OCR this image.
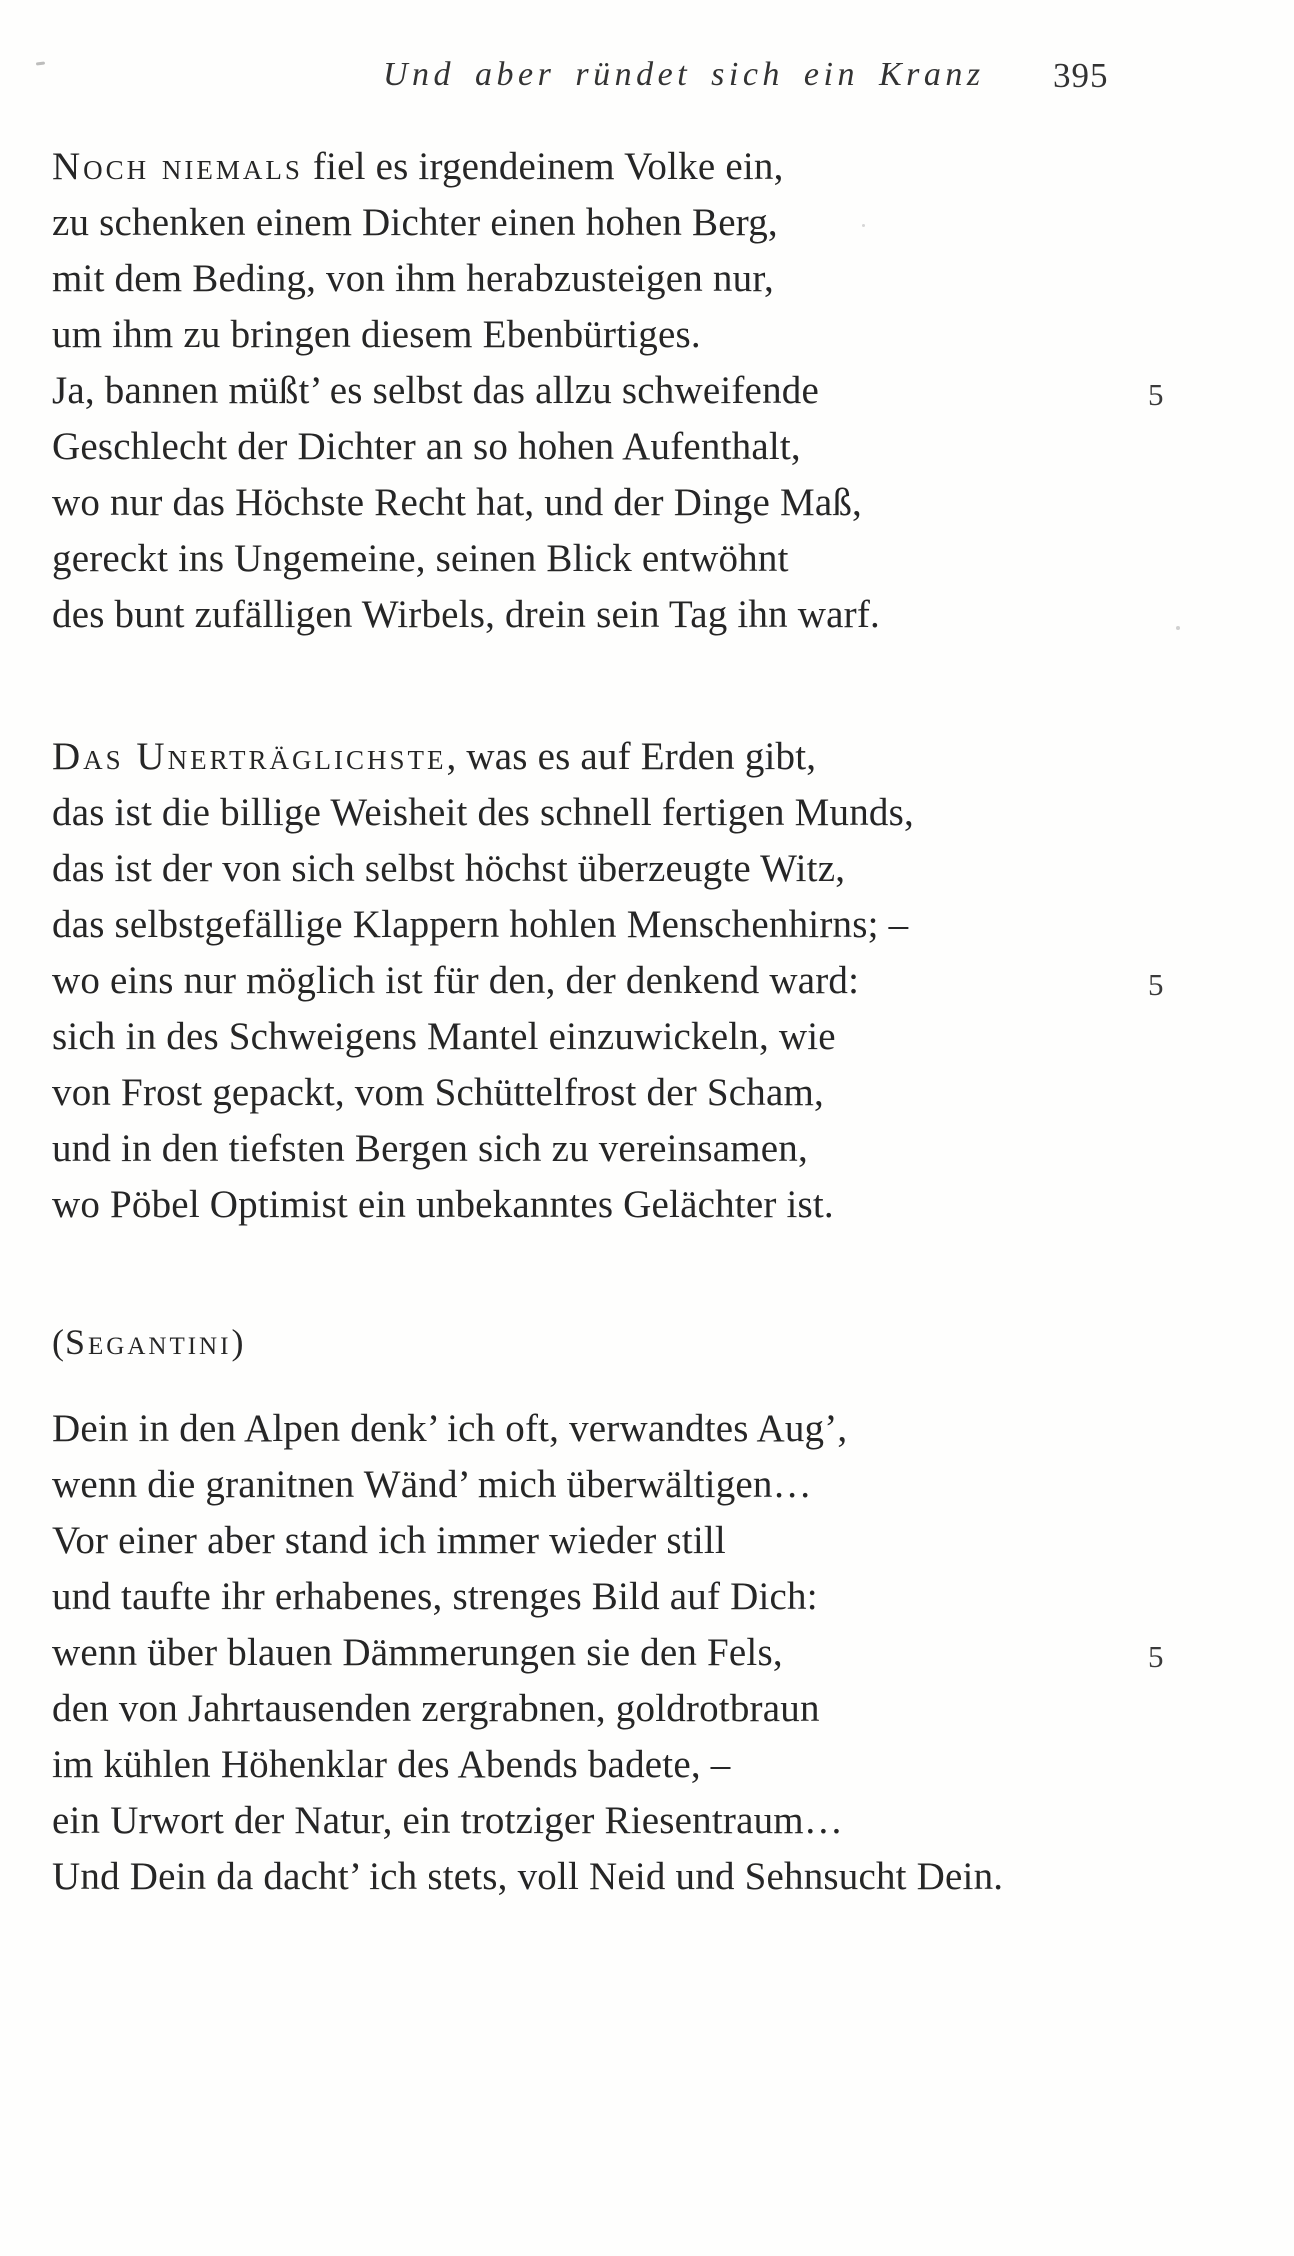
Und aber ründet sich ein Kranz 395
Noch niemals fiel es irgendeinem Volke ein,
zu schenken einem Dichter einen hohen Berg,
mit dem Beding, von ihm herabzusteigen nur,
um ihm zu bringen diesem Ebenbürtiges.
Ja, bannen müßt’ es selbst das allzu schweifende
Geschlecht der Dichter an so hohen Aufenthalt,
wo nur das Höchste Recht hat, und der Dinge Maß,
gereckt ins Ungemeine, seinen Blick entwöhnt
des bunt zufälligen Wirbels, drein sein Tag ihn warf.
5
Das Unerträglichste, was es auf Erden gibt,
das ist die billige Weisheit des schnell fertigen Munds,
das ist der von sich selbst höchst überzeugte Witz,
das selbstgefällige Klappern hohlen Menschenhirns; –
wo eins nur möglich ist für den, der denkend ward:
sich in des Schweigens Mantel einzuwickeln, wie
von Frost gepackt, vom Schüttelfrost der Scham,
und in den tiefsten Bergen sich zu vereinsamen,
wo Pöbel Optimist ein unbekanntes Gelächter ist.
5
(Segantini)
Dein in den Alpen denk’ ich oft, verwandtes Aug’,
wenn die granitnen Wänd’ mich überwältigen…
Vor einer aber stand ich immer wieder still
und taufte ihr erhabenes, strenges Bild auf Dich:
wenn über blauen Dämmerungen sie den Fels,
den von Jahrtausenden zergrabnen, goldrotbraun
im kühlen Höhenklar des Abends badete, –
ein Urwort der Natur, ein trotziger Riesentraum…
Und Dein da dacht’ ich stets, voll Neid und Sehnsucht Dein.
5
